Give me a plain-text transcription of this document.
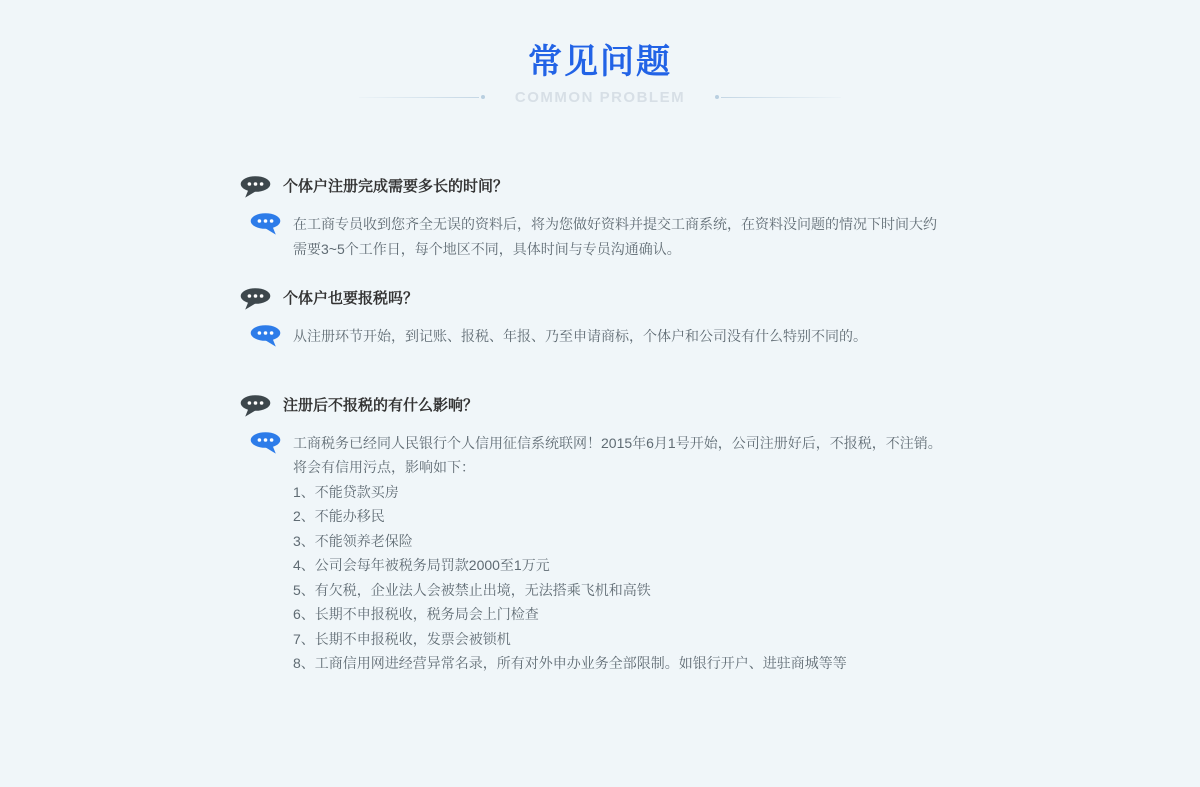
常见问题
COMMON PROBLEM
个体户注册完成需要多长的时间？
在工商专员收到您齐全无误的资料后，将为您做好资料并提交工商系统，在资料没问题的情况下时间大约
需要3~5个工作日，每个地区不同，具体时间与专员沟通确认。
个体户也要报税吗？
从注册环节开始，到记账、报税、年报、乃至申请商标，个体户和公司没有什么特别不同的。
注册后不报税的有什么影响？
工商税务已经同人民银行个人信用征信系统联网！2015年6月1号开始，公司注册好后，不报税，不注销。
将会有信用污点，影响如下：
1、不能贷款买房
2、不能办移民
3、不能领养老保险
4、公司会每年被税务局罚款2000至1万元
5、有欠税，企业法人会被禁止出境，无法搭乘飞机和高铁
6、长期不申报税收，税务局会上门检查
7、长期不申报税收，发票会被锁机
8、工商信用网进经营异常名录，所有对外申办业务全部限制。如银行开户、进驻商城等等
